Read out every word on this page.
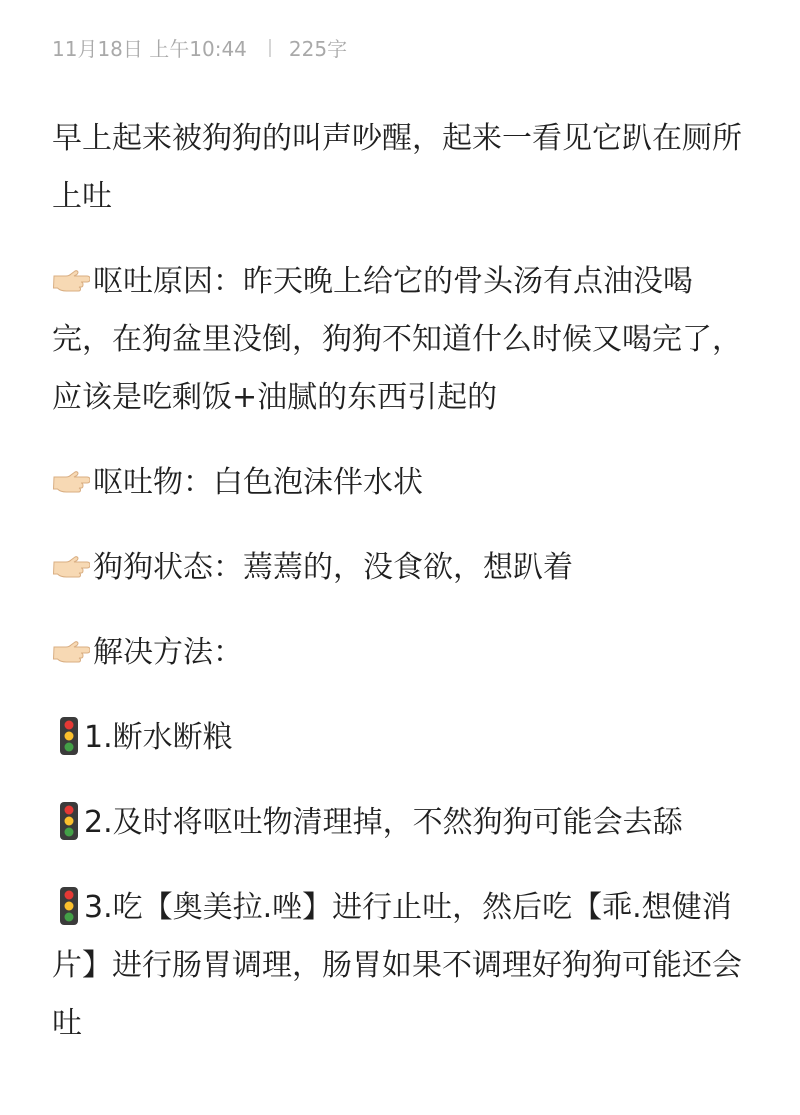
11月18日 上午10:44 225字

早上起来被狗狗的叫声吵醒，起来一看见它趴在厕所上吐

呕吐原因：昨天晚上给它的骨头汤有点油没喝完，在狗盆里没倒，狗狗不知道什么时候又喝完了，应该是吃剩饭+油腻的东西引起的

呕吐物：白色泡沫伴水状

狗狗状态：蔫蔫的，没食欲，想趴着

解决方法：

1.断水断粮

2.及时将呕吐物清理掉，不然狗狗可能会去舔

3.吃【奥美拉.唑】进行止吐，然后吃【乖.想健消片】进行肠胃调理，肠胃如果不调理好狗狗可能还会吐
